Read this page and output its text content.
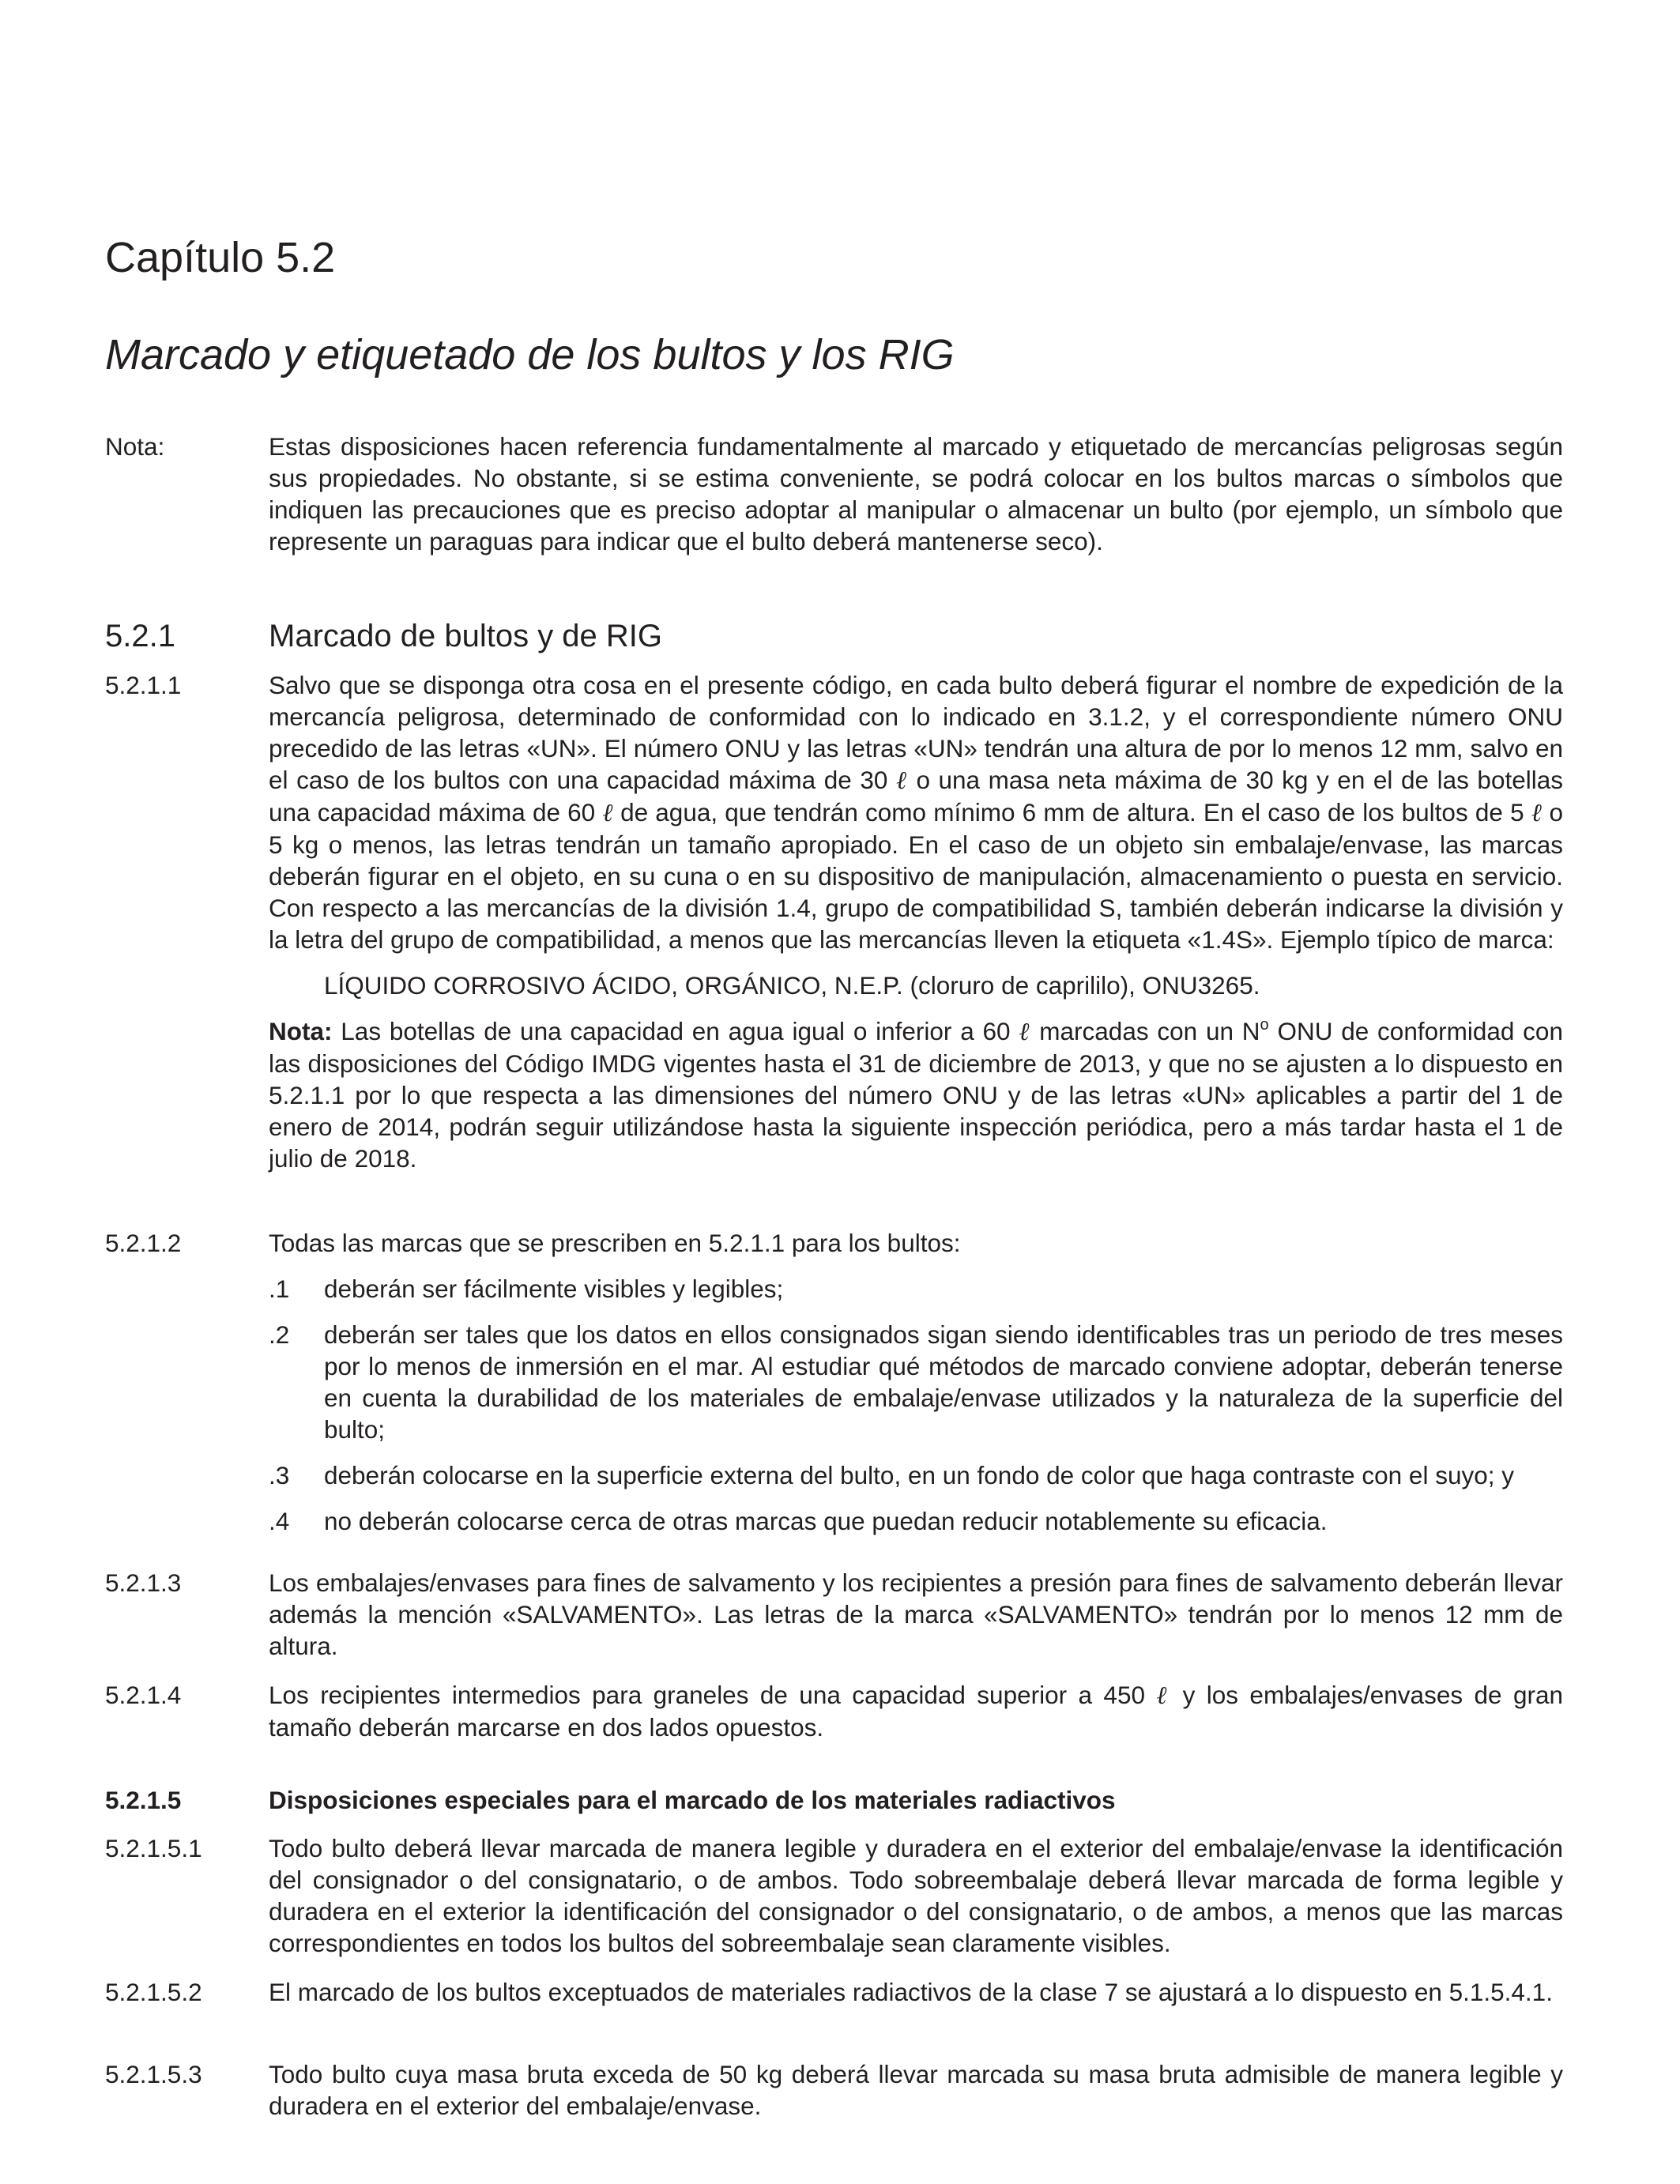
Capítulo 5.2
Marcado y etiquetado de los bultos y los RIG
Nota:	Estas disposiciones hacen referencia fundamentalmente al marcado y etiquetado de mercancías peligrosas según sus propiedades. No obstante, si se estima conveniente, se podrá colocar en los bultos marcas o símbolos que indiquen las precauciones que es preciso adoptar al manipular o almacenar un bulto (por ejemplo, un símbolo que represente un paraguas para indicar que el bulto deberá mantenerse seco).
5.2.1	Marcado de bultos y de RIG
5.2.1.1	Salvo que se disponga otra cosa en el presente código, en cada bulto deberá figurar el nombre de expedición de la mercancía peligrosa, determinado de conformidad con lo indicado en 3.1.2, y el correspondiente número ONU precedido de las letras «UN». El número ONU y las letras «UN» tendrán una altura de por lo menos 12 mm, salvo en el caso de los bultos con una capacidad máxima de 30 ℓ o una masa neta máxima de 30 kg y en el de las botellas una capacidad máxima de 60 ℓ de agua, que tendrán como mínimo 6 mm de altura. En el caso de los bultos de 5 ℓ o 5 kg o menos, las letras tendrán un tamaño apropiado. En el caso de un objeto sin embalaje/envase, las marcas deberán figurar en el objeto, en su cuna o en su dispositivo de manipulación, almacenamiento o puesta en servicio. Con respecto a las mercancías de la división 1.4, grupo de compatibilidad S, también deberán indicarse la división y la letra del grupo de compatibilidad, a menos que las mercancías lleven la etiqueta «1.4S». Ejemplo típico de marca:
LÍQUIDO CORROSIVO ÁCIDO, ORGÁNICO, N.E.P. (cloruro de caprililo), ONU3265.
Nota: Las botellas de una capacidad en agua igual o inferior a 60 ℓ marcadas con un $N^o$ ONU de conformidad con las disposiciones del Código IMDG vigentes hasta el 31 de diciembre de 2013, y que no se ajusten a lo dispuesto en 5.2.1.1 por lo que respecta a las dimensiones del número ONU y de las letras «UN» aplicables a partir del 1 de enero de 2014, podrán seguir utilizándose hasta la siguiente inspección periódica, pero a más tardar hasta el 1 de julio de 2018.
5.2.1.2	Todas las marcas que se prescriben en 5.2.1.1 para los bultos:
.1 deberán ser fácilmente visibles y legibles;
.2 deberán ser tales que los datos en ellos consignados sigan siendo identificables tras un periodo de tres meses por lo menos de inmersión en el mar. Al estudiar qué métodos de marcado conviene adoptar, deberán tenerse en cuenta la durabilidad de los materiales de embalaje/envase utilizados y la naturaleza de la superficie del bulto;
.3 deberán colocarse en la superficie externa del bulto, en un fondo de color que haga contraste con el suyo; y
.4 no deberán colocarse cerca de otras marcas que puedan reducir notablemente su eficacia.
5.2.1.3	Los embalajes/envases para fines de salvamento y los recipientes a presión para fines de salvamento deberán llevar además la mención «SALVAMENTO». Las letras de la marca «SALVAMENTO» tendrán por lo menos 12 mm de altura.
5.2.1.4	Los recipientes intermedios para graneles de una capacidad superior a 450 ℓ y los embalajes/envases de gran tamaño deberán marcarse en dos lados opuestos.
5.2.1.5	Disposiciones especiales para el marcado de los materiales radiactivos
5.2.1.5.1	Todo bulto deberá llevar marcada de manera legible y duradera en el exterior del embalaje/envase la identificación del consignador o del consignatario, o de ambos. Todo sobreembalaje deberá llevar marcada de forma legible y duradera en el exterior la identificación del consignador o del consignatario, o de ambos, a menos que las marcas correspondientes en todos los bultos del sobreembalaje sean claramente visibles.
5.2.1.5.2	El marcado de los bultos exceptuados de materiales radiactivos de la clase 7 se ajustará a lo dispuesto en 5.1.5.4.1.
5.2.1.5.3	Todo bulto cuya masa bruta exceda de 50 kg deberá llevar marcada su masa bruta admisible de manera legible y duradera en el exterior del embalaje/envase.
